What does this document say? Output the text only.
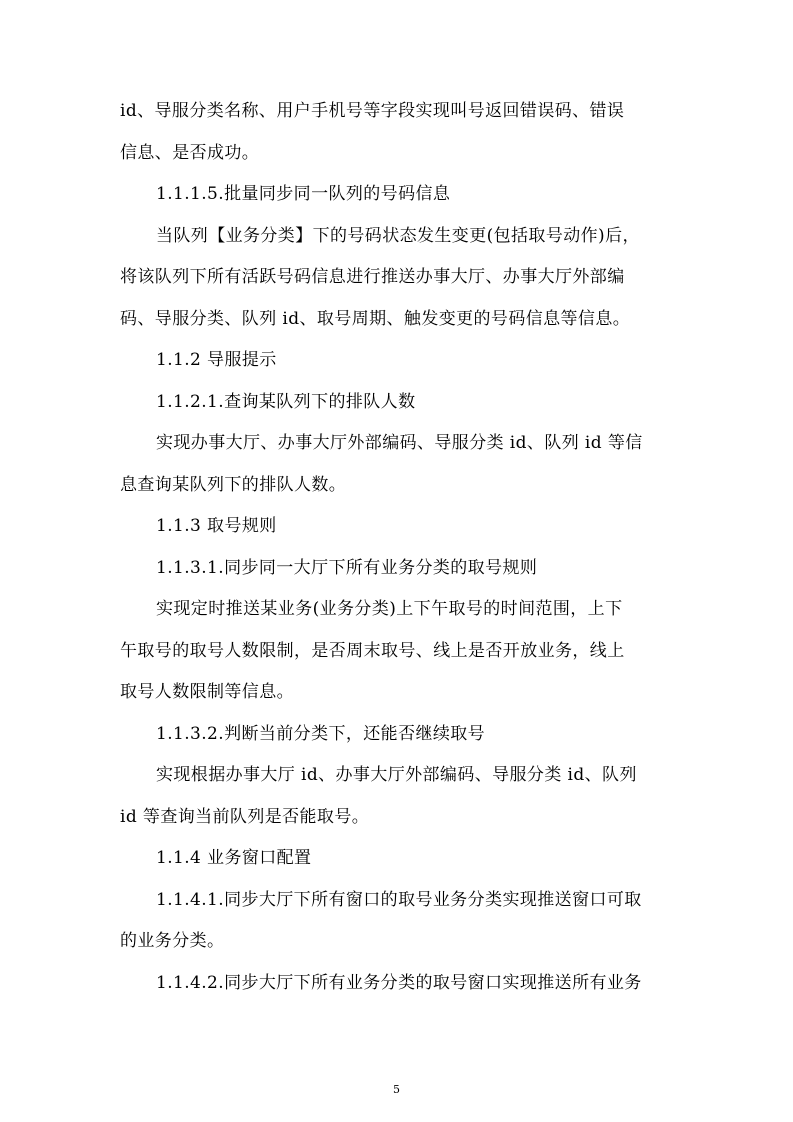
id、导服分类名称、用户手机号等字段实现叫号返回错误码、错误
信息、是否成功。

1.1.1.5.批量同步同一队列的号码信息

当队列【业务分类】下的号码状态发生变更(包括取号动作)后，
将该队列下所有活跃号码信息进行推送办事大厅、办事大厅外部编
码、导服分类、队列 id、取号周期、触发变更的号码信息等信息。

1.1.2 导服提示

1.1.2.1.查询某队列下的排队人数

实现办事大厅、办事大厅外部编码、导服分类 id、队列 id 等信
息查询某队列下的排队人数。

1.1.3 取号规则

1.1.3.1.同步同一大厅下所有业务分类的取号规则

实现定时推送某业务(业务分类)上下午取号的时间范围，上下
午取号的取号人数限制，是否周末取号、线上是否开放业务，线上
取号人数限制等信息。

1.1.3.2.判断当前分类下，还能否继续取号

实现根据办事大厅 id、办事大厅外部编码、导服分类 id、队列
id 等查询当前队列是否能取号。

1.1.4 业务窗口配置

1.1.4.1.同步大厅下所有窗口的取号业务分类实现推送窗口可取
的业务分类。

1.1.4.2.同步大厅下所有业务分类的取号窗口实现推送所有业务

5
